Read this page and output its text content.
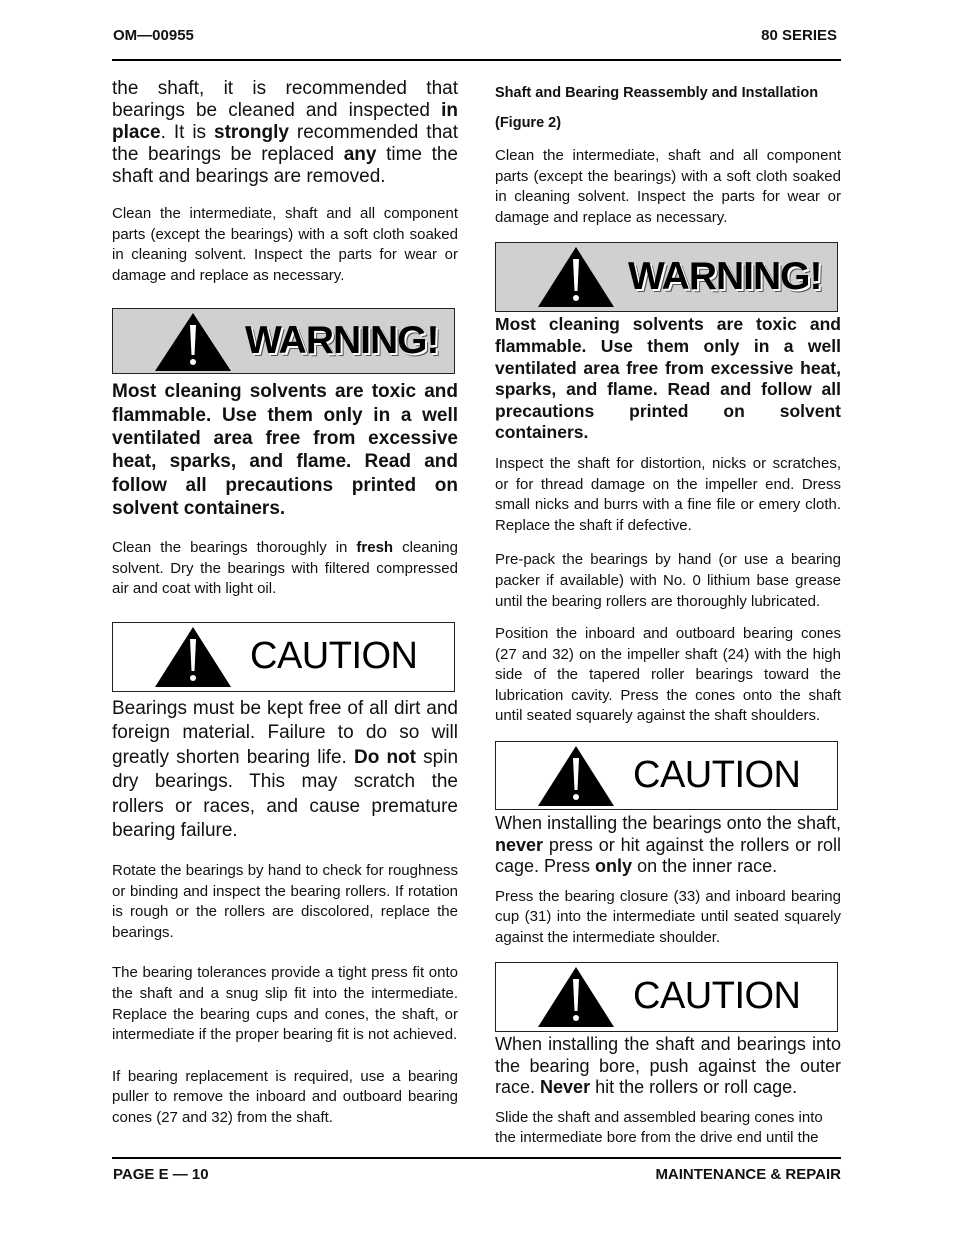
OM—00955	80 SERIES

the shaft, it is recommended that bearings be cleaned and inspected in place. It is strongly recommended that the bearings be replaced any time the shaft and bearings are removed.

Clean the intermediate, shaft and all component parts (except the bearings) with a soft cloth soaked in cleaning solvent. Inspect the parts for wear or damage and replace as necessary.

WARNING!

Most cleaning solvents are toxic and flammable. Use them only in a well ventilated area free from excessive heat, sparks, and flame. Read and follow all precautions printed on solvent containers.

Clean the bearings thoroughly in fresh cleaning solvent. Dry the bearings with filtered compressed air and coat with light oil.

CAUTION

Bearings must be kept free of all dirt and foreign material. Failure to do so will greatly shorten bearing life. Do not spin dry bearings. This may scratch the rollers or races, and cause premature bearing failure.

Rotate the bearings by hand to check for roughness or binding and inspect the bearing rollers. If rotation is rough or the rollers are discolored, replace the bearings.

The bearing tolerances provide a tight press fit onto the shaft and a snug slip fit into the intermediate. Replace the bearing cups and cones, the shaft, or intermediate if the proper bearing fit is not achieved.

If bearing replacement is required, use a bearing puller to remove the inboard and outboard bearing cones (27 and 32) from the shaft.

Shaft and Bearing Reassembly and Installation

(Figure 2)

Clean the intermediate, shaft and all component parts (except the bearings) with a soft cloth soaked in cleaning solvent. Inspect the parts for wear or damage and replace as necessary.

WARNING!

Most cleaning solvents are toxic and flammable. Use them only in a well ventilated area free from excessive heat, sparks, and flame. Read and follow all precautions printed on solvent containers.

Inspect the shaft for distortion, nicks or scratches, or for thread damage on the impeller end. Dress small nicks and burrs with a fine file or emery cloth. Replace the shaft if defective.

Pre-pack the bearings by hand (or use a bearing packer if available) with No. 0 lithium base grease until the bearing rollers are thoroughly lubricated.

Position the inboard and outboard bearing cones (27 and 32) on the impeller shaft (24) with the high side of the tapered roller bearings toward the lubrication cavity. Press the cones onto the shaft until seated squarely against the shaft shoulders.

CAUTION

When installing the bearings onto the shaft, never press or hit against the rollers or roll cage. Press only on the inner race.

Press the bearing closure (33) and inboard bearing cup (31) into the intermediate until seated squarely against the intermediate shoulder.

CAUTION

When installing the shaft and bearings into the bearing bore, push against the outer race. Never hit the rollers or roll cage.

Slide the shaft and assembled bearing cones into the intermediate bore from the drive end until the

PAGE E — 10	MAINTENANCE & REPAIR
